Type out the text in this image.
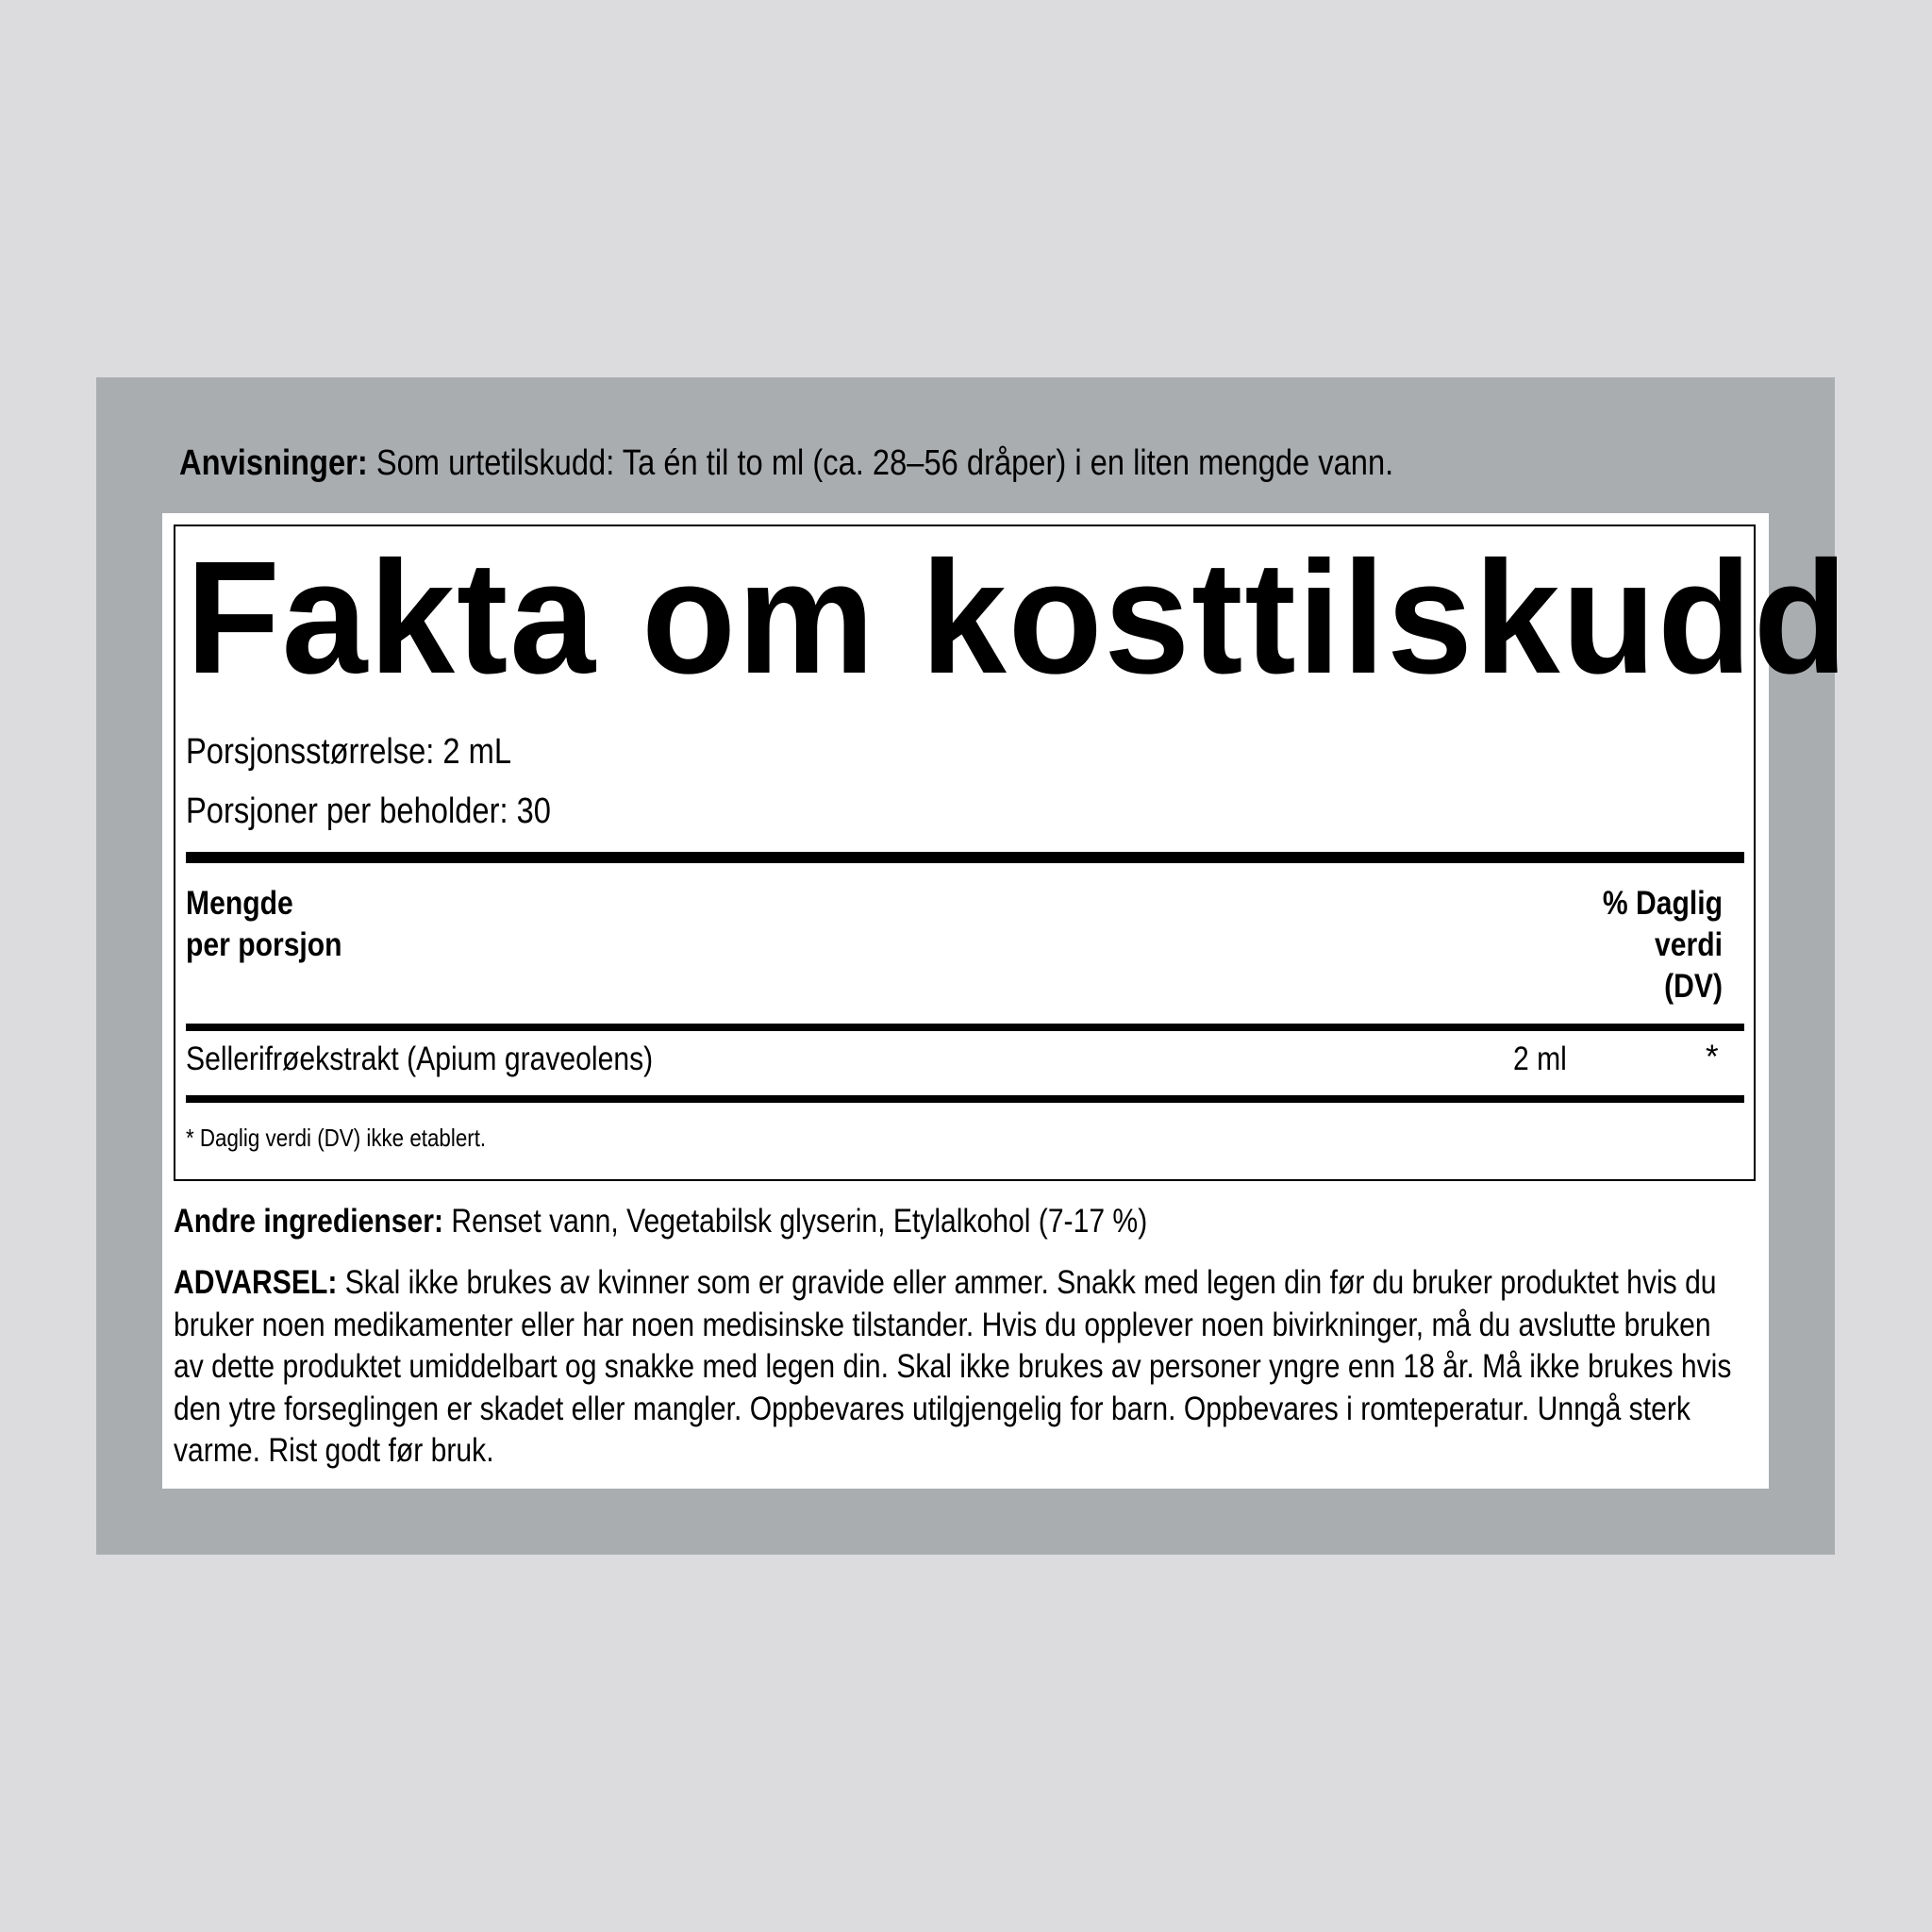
Anvisninger: Som urtetilskudd: Ta én til to ml (ca. 28–56 dråper) i en liten mengde vann.
Fakta om kosttilskudd
Porsjonsstørrelse: 2 mL
Porsjoner per beholder: 30
Mengde
per porsjon
% Daglig
verdi
(DV)
Sellerifrøekstrakt (Apium graveolens)	2 ml	*
* Daglig verdi (DV) ikke etablert.
Andre ingredienser: Renset vann, Vegetabilsk glyserin, Etylalkohol (7-17 %)
ADVARSEL: Skal ikke brukes av kvinner som er gravide eller ammer. Snakk med legen din før du bruker produktet hvis du bruker noen medikamenter eller har noen medisinske tilstander. Hvis du opplever noen bivirkninger, må du avslutte bruken av dette produktet umiddelbart og snakke med legen din. Skal ikke brukes av personer yngre enn 18 år. Må ikke brukes hvis den ytre forseglingen er skadet eller mangler. Oppbevares utilgjengelig for barn. Oppbevares i romteperatur. Unngå sterk varme. Rist godt før bruk.
